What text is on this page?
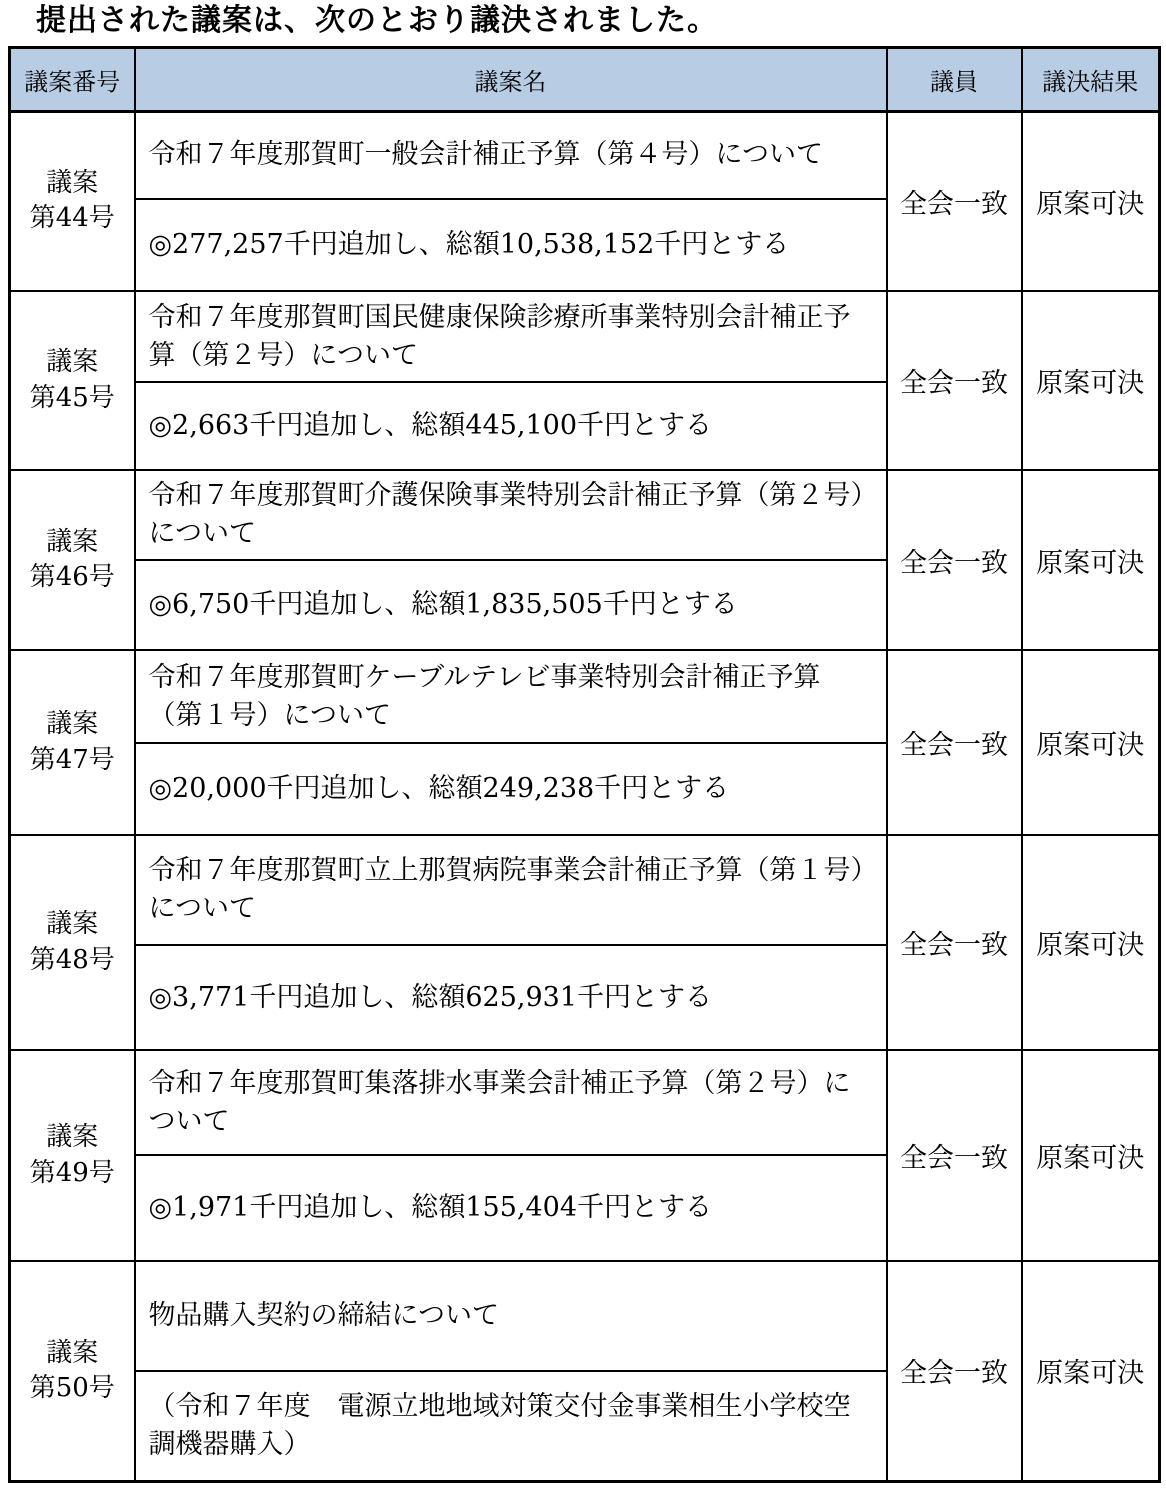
提出された議案は、次のとおり議決されました。
議案番号	議案名	議員	議決結果

議案
第44号	令和７年度那賀町一般会計補正予算（第４号）について	全会一致	原案可決
	◎277,257千円追加し、総額10,538,152千円とする		

議案
第45号	令和７年度那賀町国民健康保険診療所事業特別会計補正予算（第２号）について	全会一致	原案可決
	◎2,663千円追加し、総額445,100千円とする		

議案
第46号	令和７年度那賀町介護保険事業特別会計補正予算（第２号）について	全会一致	原案可決
	◎6,750千円追加し、総額1,835,505千円とする		

議案
第47号	令和７年度那賀町ケーブルテレビ事業特別会計補正予算（第１号）について	全会一致	原案可決
	◎20,000千円追加し、総額249,238千円とする		

議案
第48号	令和７年度那賀町立上那賀病院事業会計補正予算（第１号）について	全会一致	原案可決
	◎3,771千円追加し、総額625,931千円とする		

議案
第49号	令和７年度那賀町集落排水事業会計補正予算（第２号）について	全会一致	原案可決
	◎1,971千円追加し、総額155,404千円とする		

議案
第50号	物品購入契約の締結について	全会一致	原案可決
	（令和７年度　電源立地地域対策交付金事業相生小学校空調機器購入）		
